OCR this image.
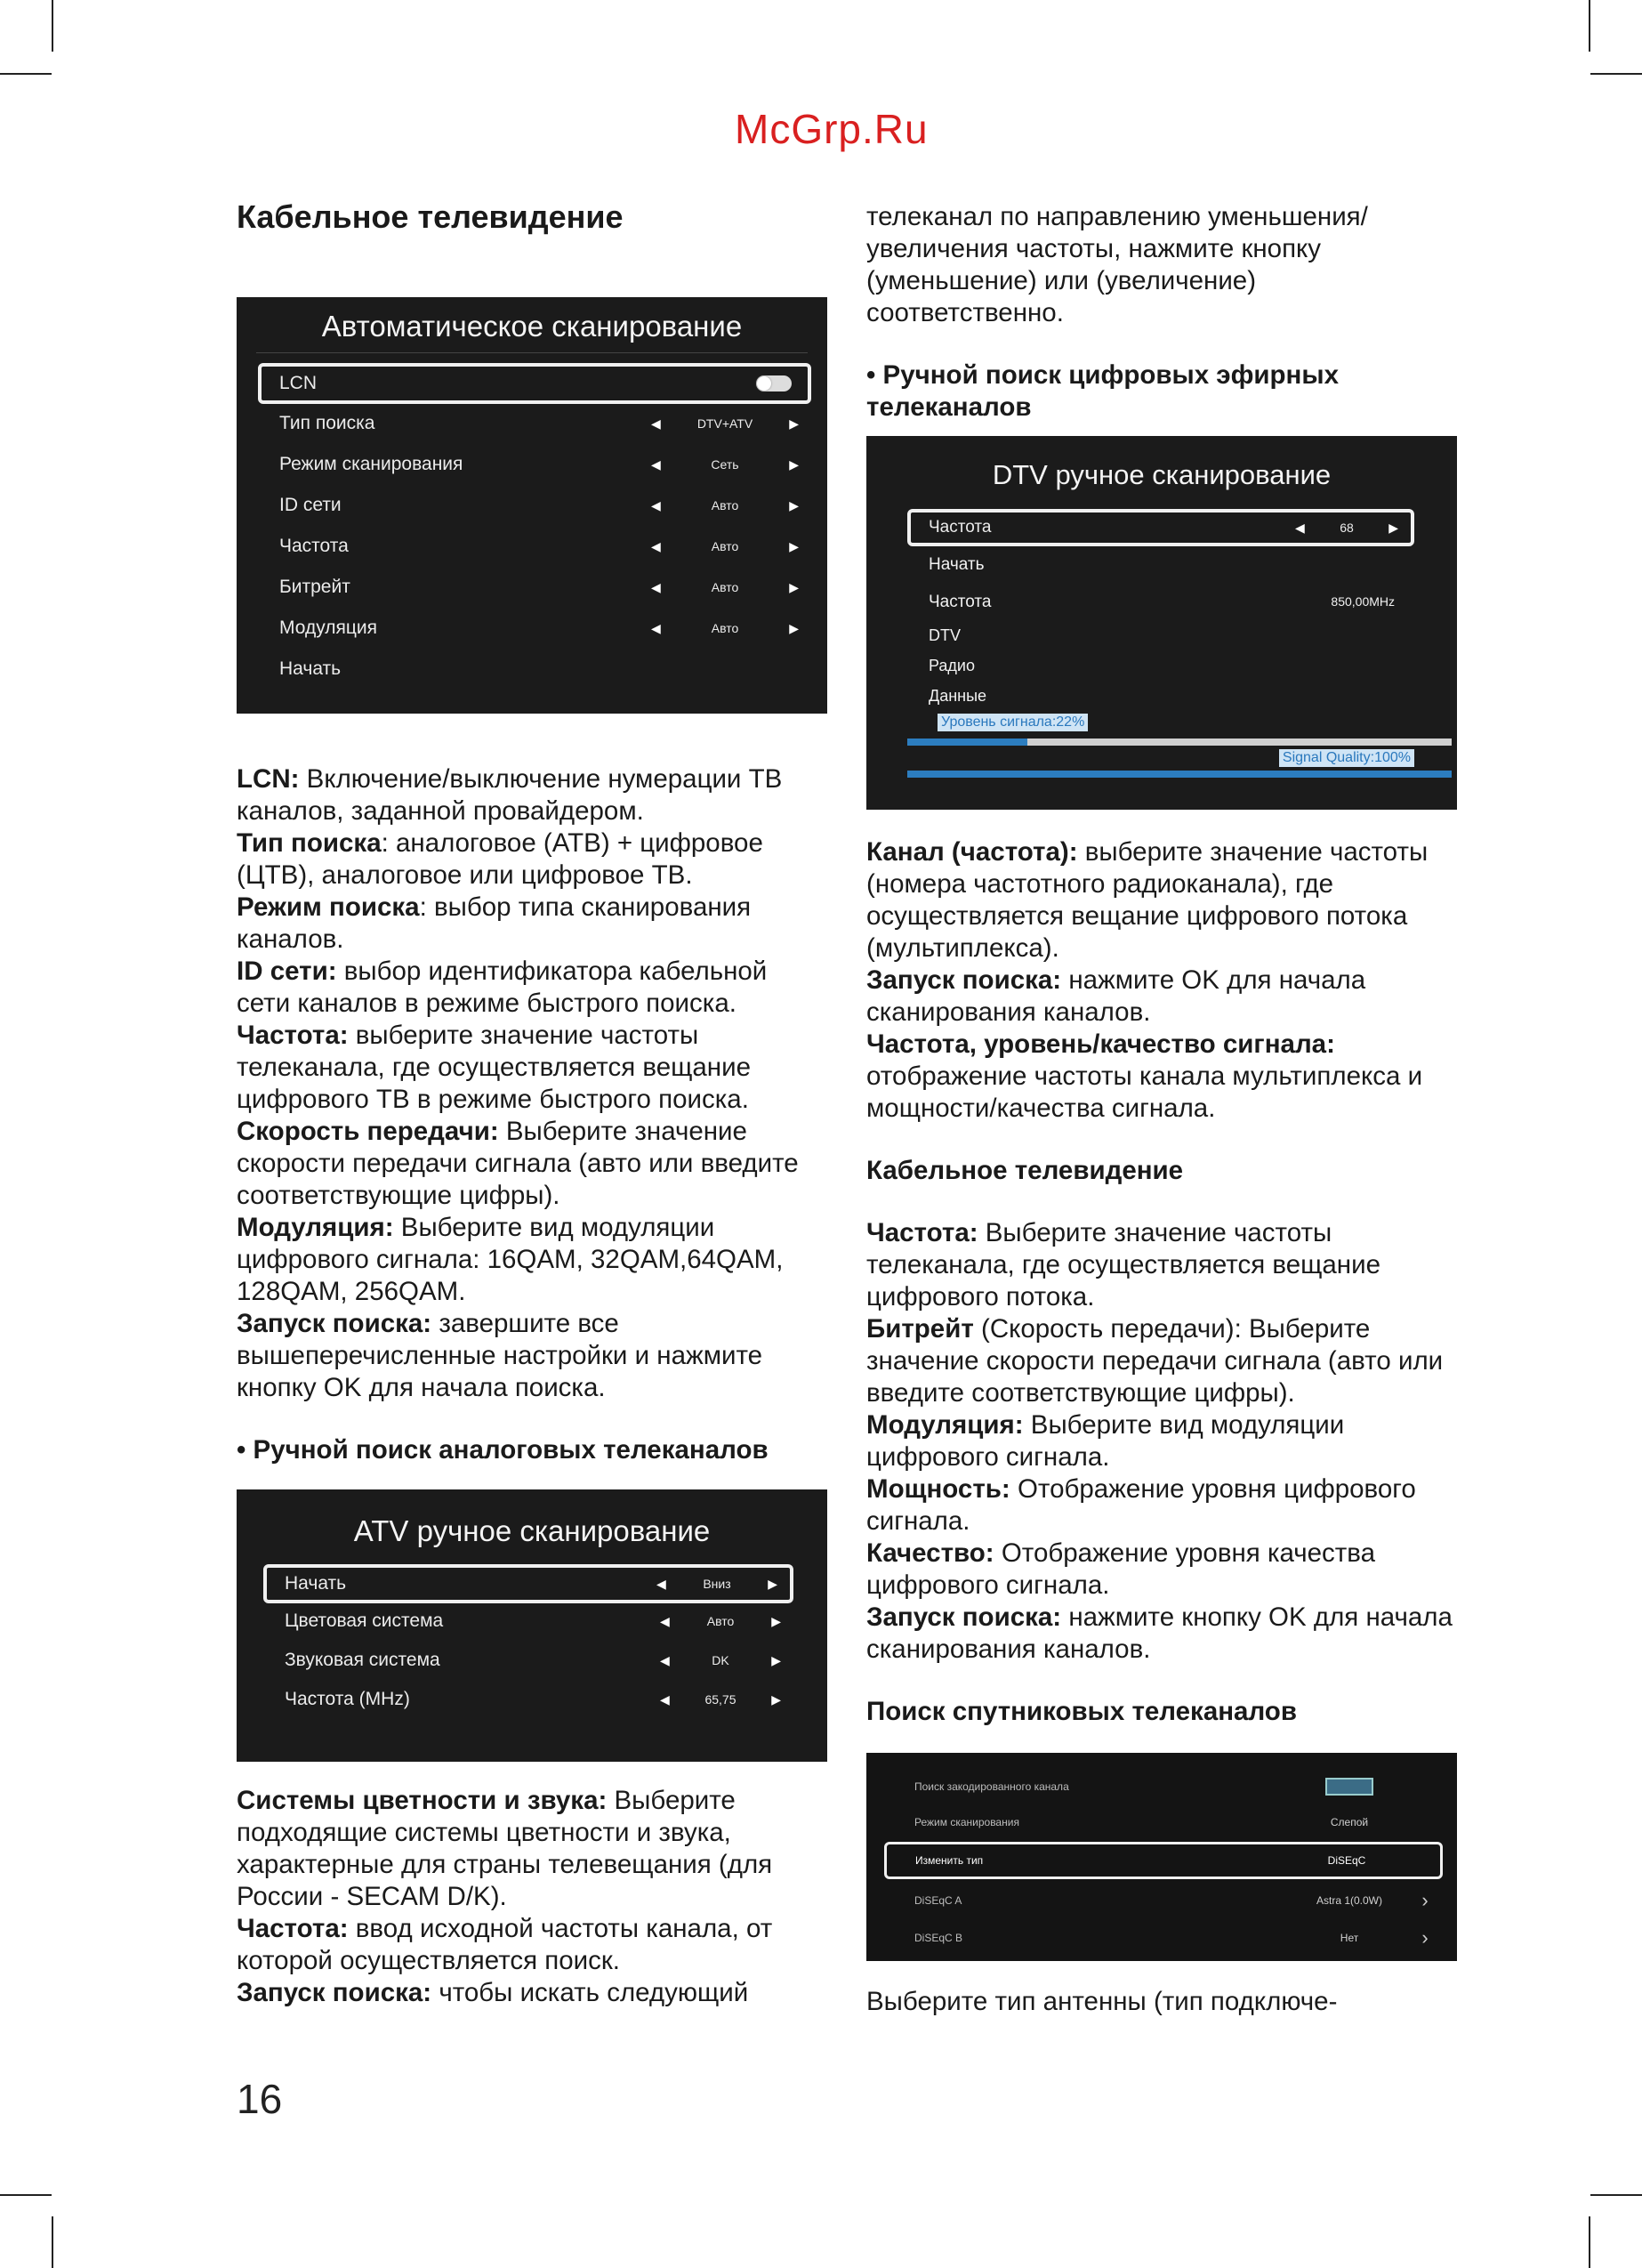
McGrp.Ru
Кабельное телевидение
Автоматическое сканирование
LCN
Тип поиска	◀	DTV+ATV	▶
Режим сканирования	◀	Сеть	▶
ID сети	◀	Авто	▶
Частота	◀	Авто	▶
Битрейт	◀	Авто	▶
Модуляция	◀	Авто	▶
Начать

LCN: Включение/выключение нумерации ТВ каналов, заданной провайдером.

Тип поиска: аналоговое (АТВ) + цифровое (ЦТВ), аналоговое или цифровое ТВ.

Режим поиска: выбор типа сканирования каналов.

ID сети: выбор идентификатора кабельной сети каналов в режиме быстрого поиска.

Частота: выберите значение частоты телеканала, где осуществляется вещание цифрового ТВ в режиме быстрого поиска.

Скорость передачи: Выберите значение скорости передачи сигнала (авто или введите соответствующие цифры).

Модуляция: Выберите вид модуляции цифрового сигнала: 16QAM, 32QAM,64QAM, 128QAM, 256QAM.

Запуск поиска: завершите все вышеперечисленные настройки и нажмите кнопку OK для начала поиска.

• Ручной поиск аналоговых телеканалов
ATV ручное сканирование
Начать	◀	Вниз	▶
Цветовая система	◀	Авто	▶
Звуковая система	◀	DK	▶
Частота (MHz)	◀	65,75	▶

Системы цветности и звука: Выберите подходящие системы цветности и звука, характерные для страны телевещания (для России - SECAM D/K).

Частота: ввод исходной частоты канала, от которой осуществляется поиск.

Запуск поиска: чтобы искать следующий

телеканал по направлению уменьшения/увеличения частоты, нажмите кнопку (уменьшение) или (увеличение) соответственно.

• Ручной поиск цифровых эфирных телеканалов
DTV ручное сканирование
Частота	◀	68	▶
Начать
Частота	850,00MHz
DTV
Радио
Данные
Уровень сигнала:22%
Signal Quality:100%

Канал (частота): выберите значение частоты (номера частотного радиоканала), где осуществляется вещание цифрового потока (мультиплекса).

Запуск поиска: нажмите OK для начала сканирования каналов.

Частота, уровень/качество сигнала: отображение частоты канала мультиплекса и мощности/качества сигнала.

Кабельное телевидение

Частота: Выберите значение частоты телеканала, где осуществляется вещание цифрового потока.

Битрейт (Скорость передачи): Выберите значение скорости передачи сигнала (авто или введите соответствующие цифры).

Модуляция: Выберите вид модуляции цифрового сигнала.

Мощность: Отображение уровня цифрового сигнала.

Качество: Отображение уровня качества цифрового сигнала.

Запуск поиска: нажмите кнопку OK для начала сканирования каналов.

Поиск спутниковых телеканалов
Поиск закодированного канала
Режим сканирования	Слепой
Изменить тип	DiSEqC
DiSEqC A	Astra 1(0.0W)	›
DiSEqC B	Нет	›

Выберите тип антенны (тип подключе-

16
